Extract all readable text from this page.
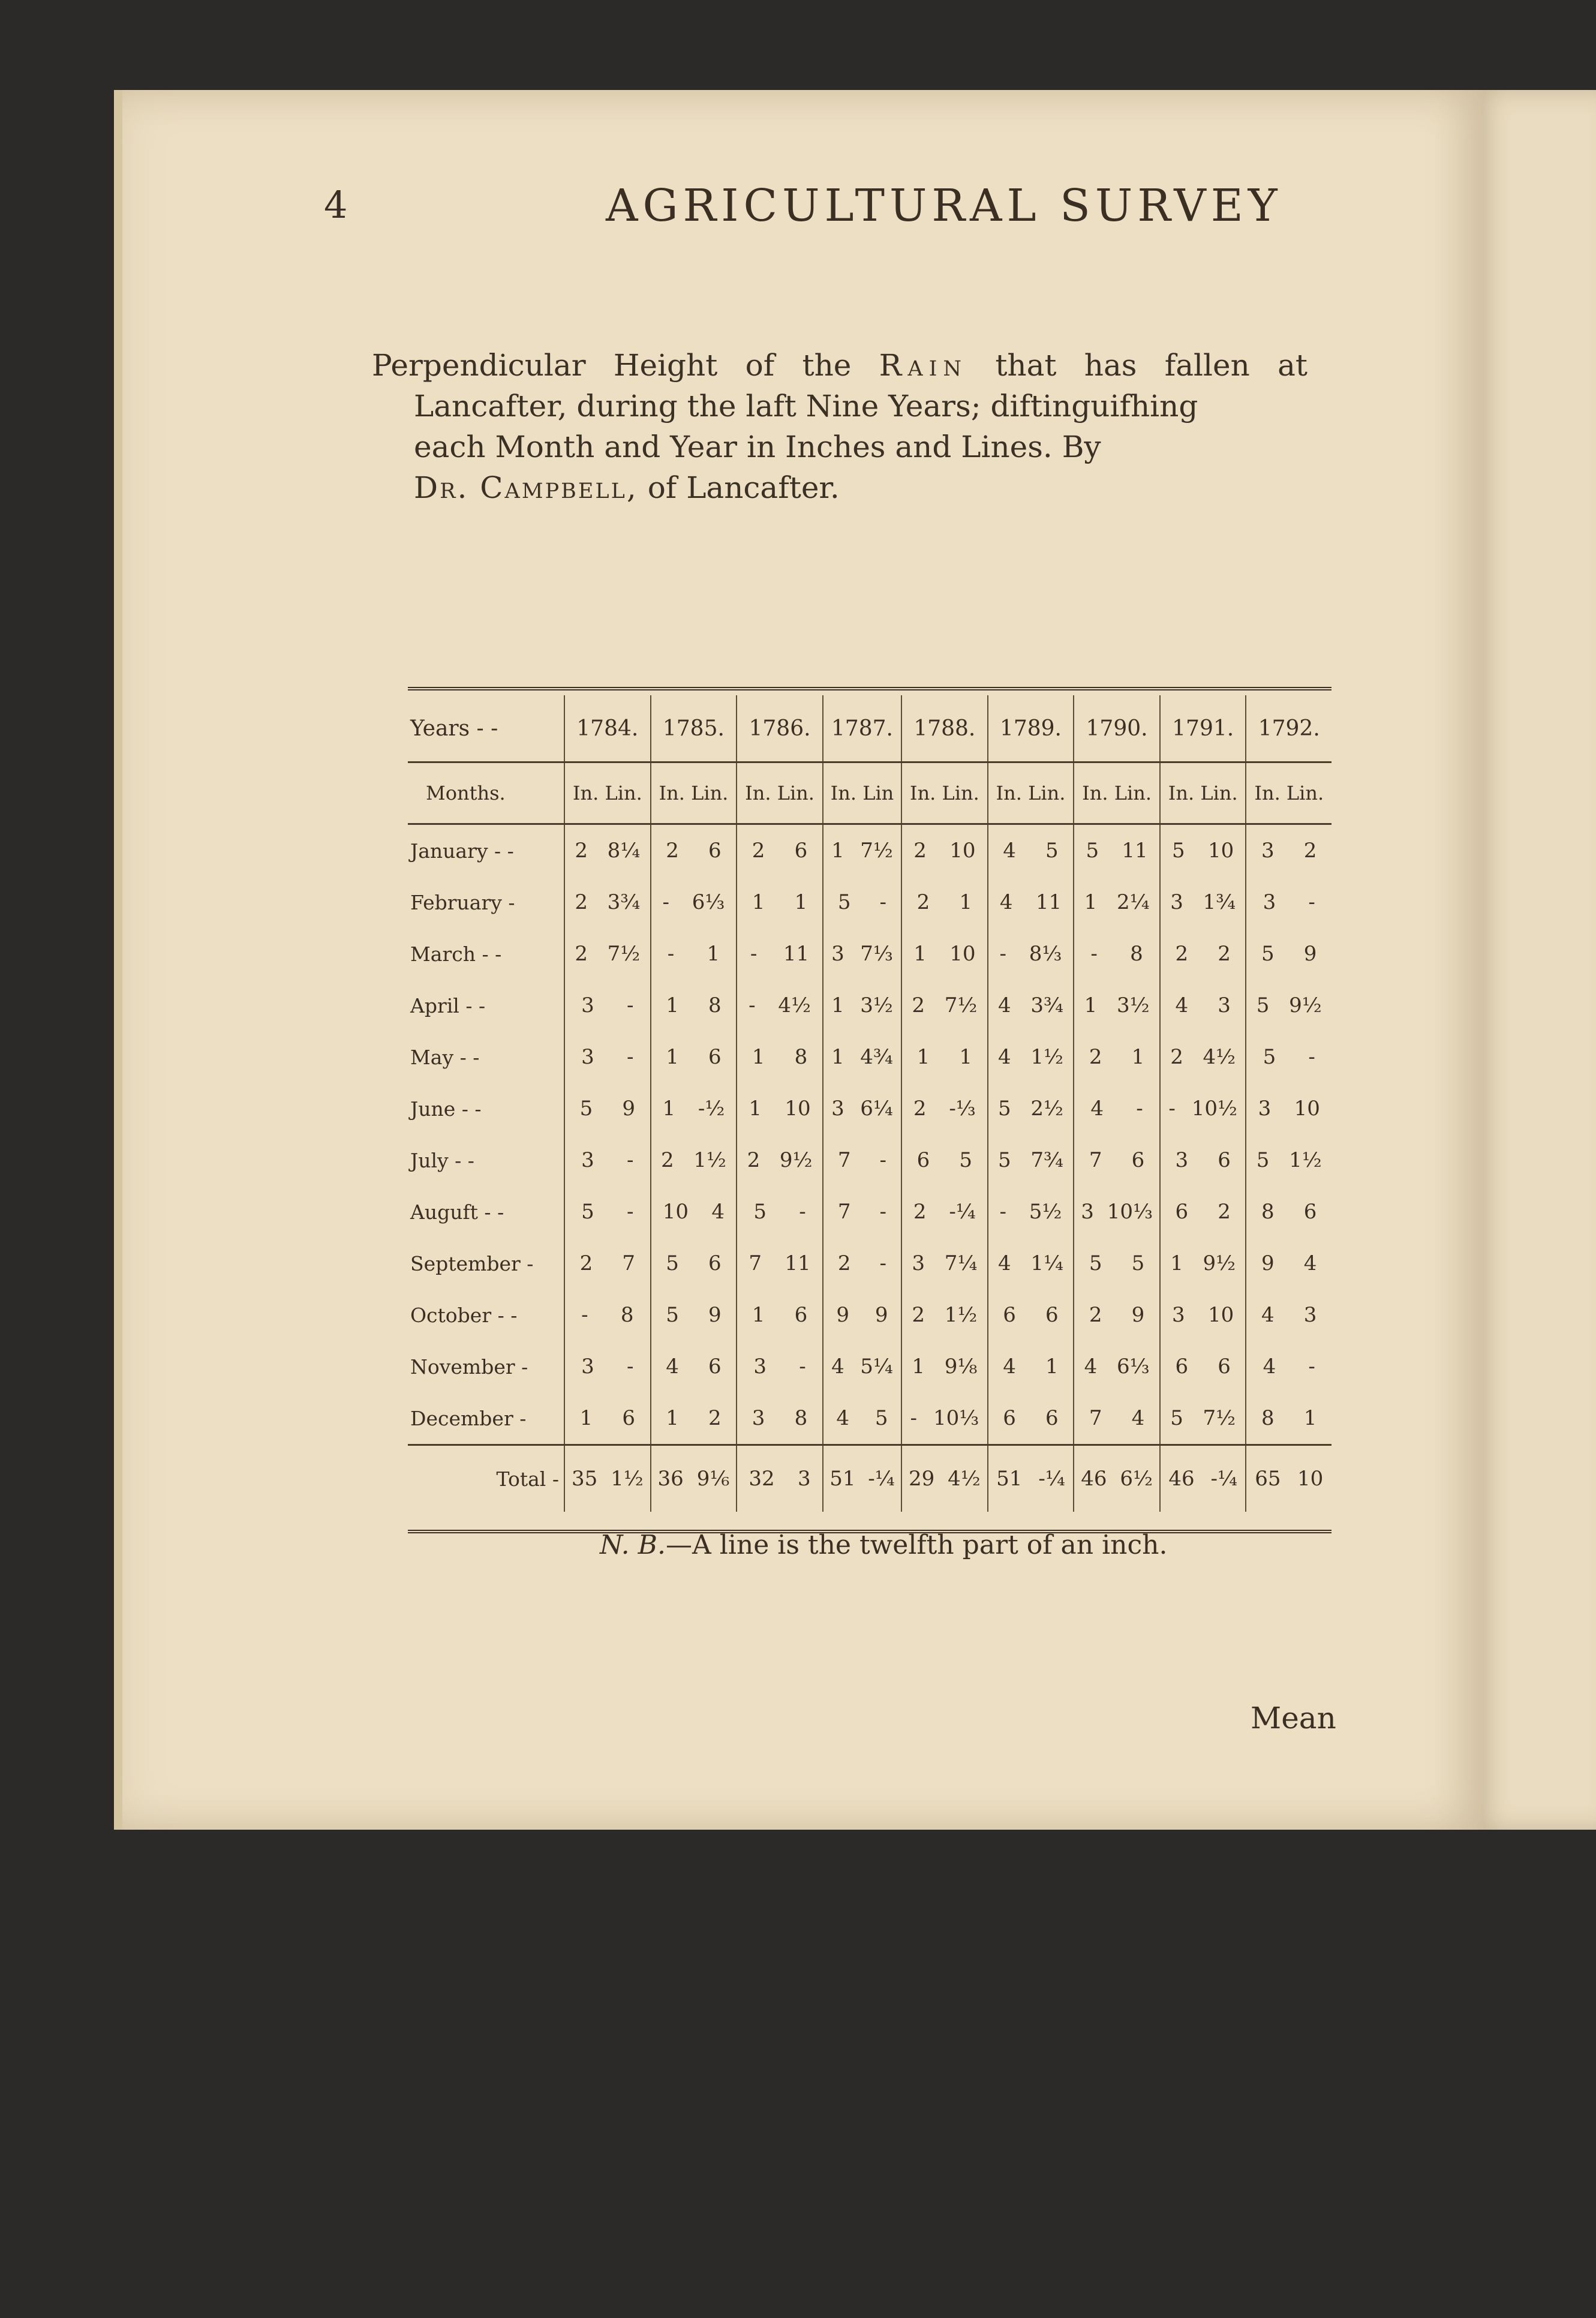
4	AGRICULTURAL SURVEY

Perpendicular Height of the Rain that has fallen at

Lancafter, during the laft Nine Years; diftinguifhing

each Month and Year in Inches and Lines. By

Dr. Campbell, of Lancafter.

Years - -	1784.	1785.	1786.	1787.	1788.	1789.	1790.	1791.	1792.
Months.	In. Lin.	In. Lin.	In. Lin.	In. Lin	In. Lin.	In. Lin.	In. Lin.	In. Lin.	In. Lin.
January - -	2 8¼	2 6	2 6	1 7½	2 10	4 5	5 11	5 10	3 2

February -	2 3¾	- 6⅓	1 1	5 -	2 1	4 11	1 2¼	3 1¾	3 -

March - -	2 7½	- 1	- 11	3 7⅓	1 10	- 8⅓	- 8	2 2	5 9

April - -	3 -	1 8	- 4½	1 3½	2 7½	4 3¾	1 3½	4 3	5 9½

May - -	3 -	1 6	1 8	1 4¾	1 1	4 1½	2 1	2 4½	5 -

June - -	5 9	1 -½	1 10	3 6¼	2 -⅓	5 2½	4 -	- 10½	3 10

July - -	3 -	2 1½	2 9½	7 -	6 5	5 7¾	7 6	3 6	5 1½

Auguft - -	5 -	10 4	5 -	7 -	2 -¼	- 5½	3 10⅓	6 2	8 6

September -	2 7	5 6	7 11	2 -	3 7¼	4 1¼	5 5	1 9½	9 4

October - -	- 8	5 9	1 6	9 9	2 1½	6 6	2 9	3 10	4 3

November -	3 -	4 6	3 -	4 5¼	1 9⅛	4 1	4 6⅓	6 6	4 -

December -	1 6	1 2	3 8	4 5	- 10⅓	6 6	7 4	5 7½	8 1

Total -	35 1½	36 9⅙	32 3	51 -¼	29 4½	51 -¼	46 6½	46 -¼	65 10
N. B.—A line is the twelfth part of an inch.
Mean
